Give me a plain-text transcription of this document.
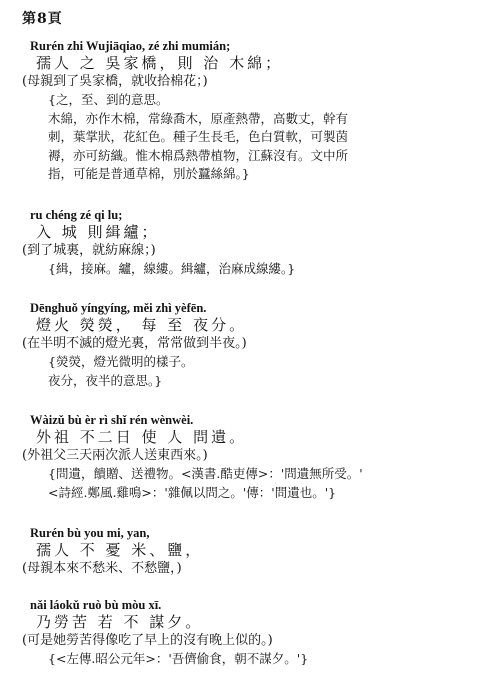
第8頁
Rurén zhi Wujiāqiao, zé zhi mumián;
孺人 之 吳家橋，則 治 木綿；
(母親到了吳家橋，就收拾棉花；)
{之，至、到的意思。
木綿，亦作木棉，常綠喬木，原產熱帶，高數丈，幹有
刺，葉掌狀，花紅色。種子生長毛，色白質軟，可製茵
褥，亦可紡織。惟木棉爲熱帶植物，江蘇沒有。文中所
指，可能是普通草棉，別於蠶絲綿。}
ru chéng zé qi lu;
入 城 則緝纑；
(到了城裏，就紡麻線；)
{緝，接麻。纑，線縷。緝纑，治麻成線縷。}
Dēnghuǒ yíngyíng, měi zhì yèfēn.
燈火 熒熒， 每 至 夜分。
(在半明不滅的燈光裏，常常做到半夜。)
{熒熒，燈光微明的樣子。
夜分，夜半的意思。}
Wàizǔ bù èr rì shǐ rén wènwèi.
外祖 不二日 使 人 問遺。
(外祖父三天兩次派人送東西來。)
{問遺，饋贈、送禮物。<漢書.酷吏傳>：'問遺無所受。'
<詩經.鄭風.雞鳴>：'雜佩以問之。'傳：'問遺也。'}
Rurén bù you mi, yan,
孺人 不 憂 米、鹽，
(母親本來不愁米、不愁鹽，)
nǎi láokǔ ruò bù mòu xī.
乃勞苦 若 不 謀夕。
(可是她勞苦得像吃了早上的沒有晚上似的。)
{<左傳.昭公元年>：'吾儕偷食，朝不謀夕。'}
